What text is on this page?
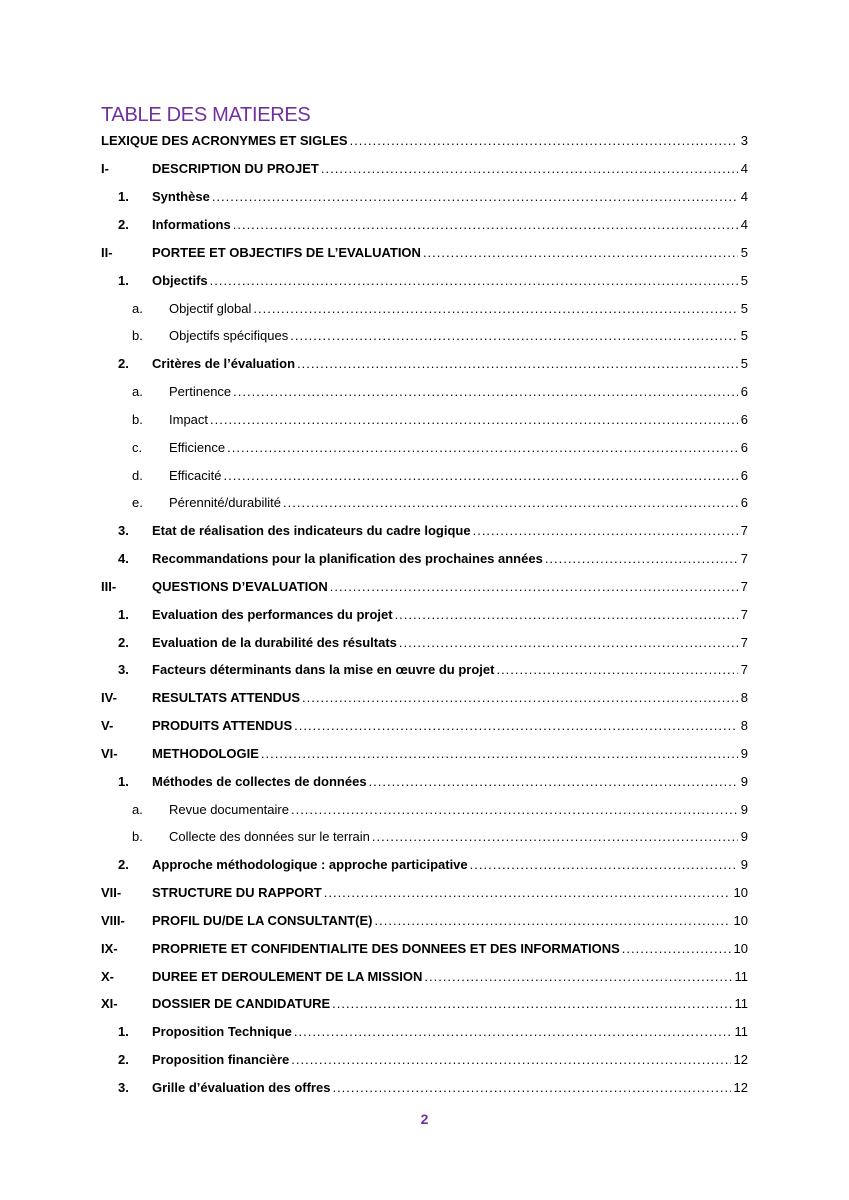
TABLE DES MATIERES
LEXIQUE DES ACRONYMES ET SIGLES .....	3
I-	DESCRIPTION DU PROJET .....	4
1.	Synthèse .....	4
2.	Informations .....	4
II-	PORTEE ET OBJECTIFS DE L’EVALUATION .....	5
1.	Objectifs .....	5
a.	Objectif global .....	5
b.	Objectifs spécifiques .....	5
2.	Critères de l’évaluation .....	5
a.	Pertinence .....	6
b.	Impact .....	6
c.	Efficience .....	6
d.	Efficacité .....	6
e.	Pérennité/durabilité .....	6
3.	Etat de réalisation des indicateurs du cadre logique .....	7
4.	Recommandations pour la planification des prochaines années .....	7
III-	QUESTIONS D’EVALUATION .....	7
1.	Evaluation des performances du projet .....	7
2.	Evaluation de la durabilité des résultats .....	7
3.	Facteurs déterminants dans la mise en œuvre du projet .....	7
IV-	RESULTATS ATTENDUS .....	8
V-	PRODUITS ATTENDUS .....	8
VI-	METHODOLOGIE .....	9
1.	Méthodes de collectes de données .....	9
a.	Revue documentaire .....	9
b.	Collecte des données sur le terrain .....	9
2.	Approche méthodologique : approche participative .....	9
VII-	STRUCTURE DU RAPPORT .....	10
VIII-	PROFIL DU/DE LA CONSULTANT(E) .....	10
IX-	PROPRIETE ET CONFIDENTIALITE DES DONNEES ET DES INFORMATIONS .....	10
X-	DUREE ET DEROULEMENT DE LA MISSION .....	11
XI-	DOSSIER DE CANDIDATURE .....	11
1.	Proposition Technique .....	11
2.	Proposition financière .....	12
3.	Grille d’évaluation des offres .....	12
2
